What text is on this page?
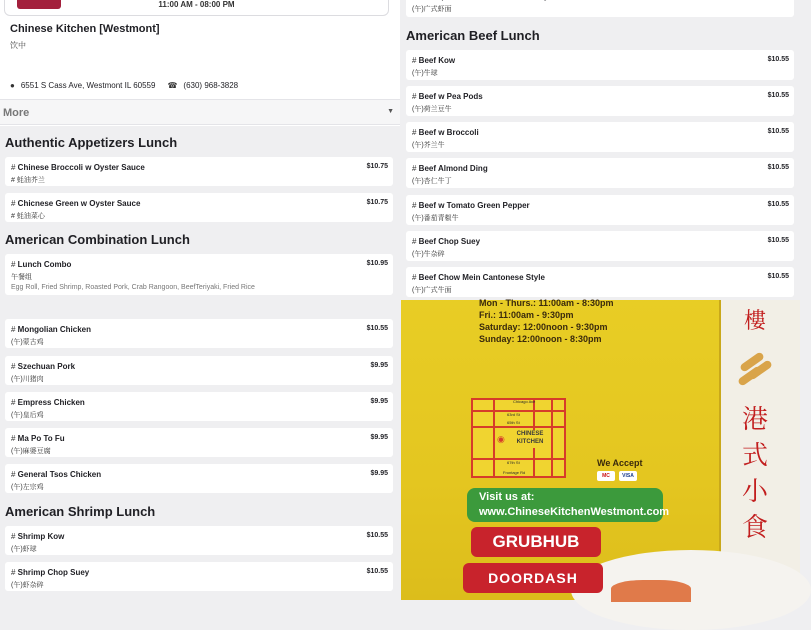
11:00 AM - 08:00 PM
Chinese Kitchen [Westmont]
饮中
● 6551 S Cass Ave, Westmont IL 60559 ☎ (630) 968-3828
More	▼
Authentic Appetizers Lunch
# Chinese Broccoli w Oyster Sauce	$10.75
# 蚝油芥兰
# Chicnese Green w Oyster Sauce	$10.75
# 蚝油菜心
American Combination Lunch
# Lunch Combo	$10.95
午餐组
Egg Roll, Fried Shrimp, Roasted Pork, Crab Rangoon, BeefTeriyaki, Fried Rice
# Mongolian Chicken	$10.55
(午)蒙古鸡
# Szechuan Pork	$9.95
(午)川猪肉
# Empress Chicken	$9.95
(午)皇后鸡
# Ma Po To Fu	$9.95
(午)麻婆豆腐
# General Tsos Chicken	$9.95
(午)左宗鸡
American Shrimp Lunch
# Shrimp Kow	$10.55
(午)虾球
# Shrimp Chop Suey	$10.55
(午)虾杂碎
(午)广式虾面
American Beef Lunch
# Beef Kow	$10.55
(午)牛球
# Beef w Pea Pods	$10.55
(午)荷兰豆牛
# Beef w Broccoli	$10.55
(午)芥兰牛
# Beef Almond Ding	$10.55
(午)杏仁牛丁
# Beef w Tomato Green Pepper	$10.55
(午)番茄青椒牛
# Beef Chop Suey	$10.55
(午)牛杂碎
# Beef Chow Mein Cantonese Style	$10.55
(午)广式牛面
樓
港式小食
Mon - Thurs.: 11:00am - 8:30pm
Fri.: 11:00am - 9:30pm
Saturday: 12:00noon - 9:30pm
Sunday: 12:00noon - 8:30pm
Chicago Ave
63rd St
65th St
67th St
Frontage Rd
◉	CHINESE KITCHEN
We Accept
MC	VISA
Visit us at:
www.ChineseKitchenWestmont.com
GRUBHUB
DOORDASH
